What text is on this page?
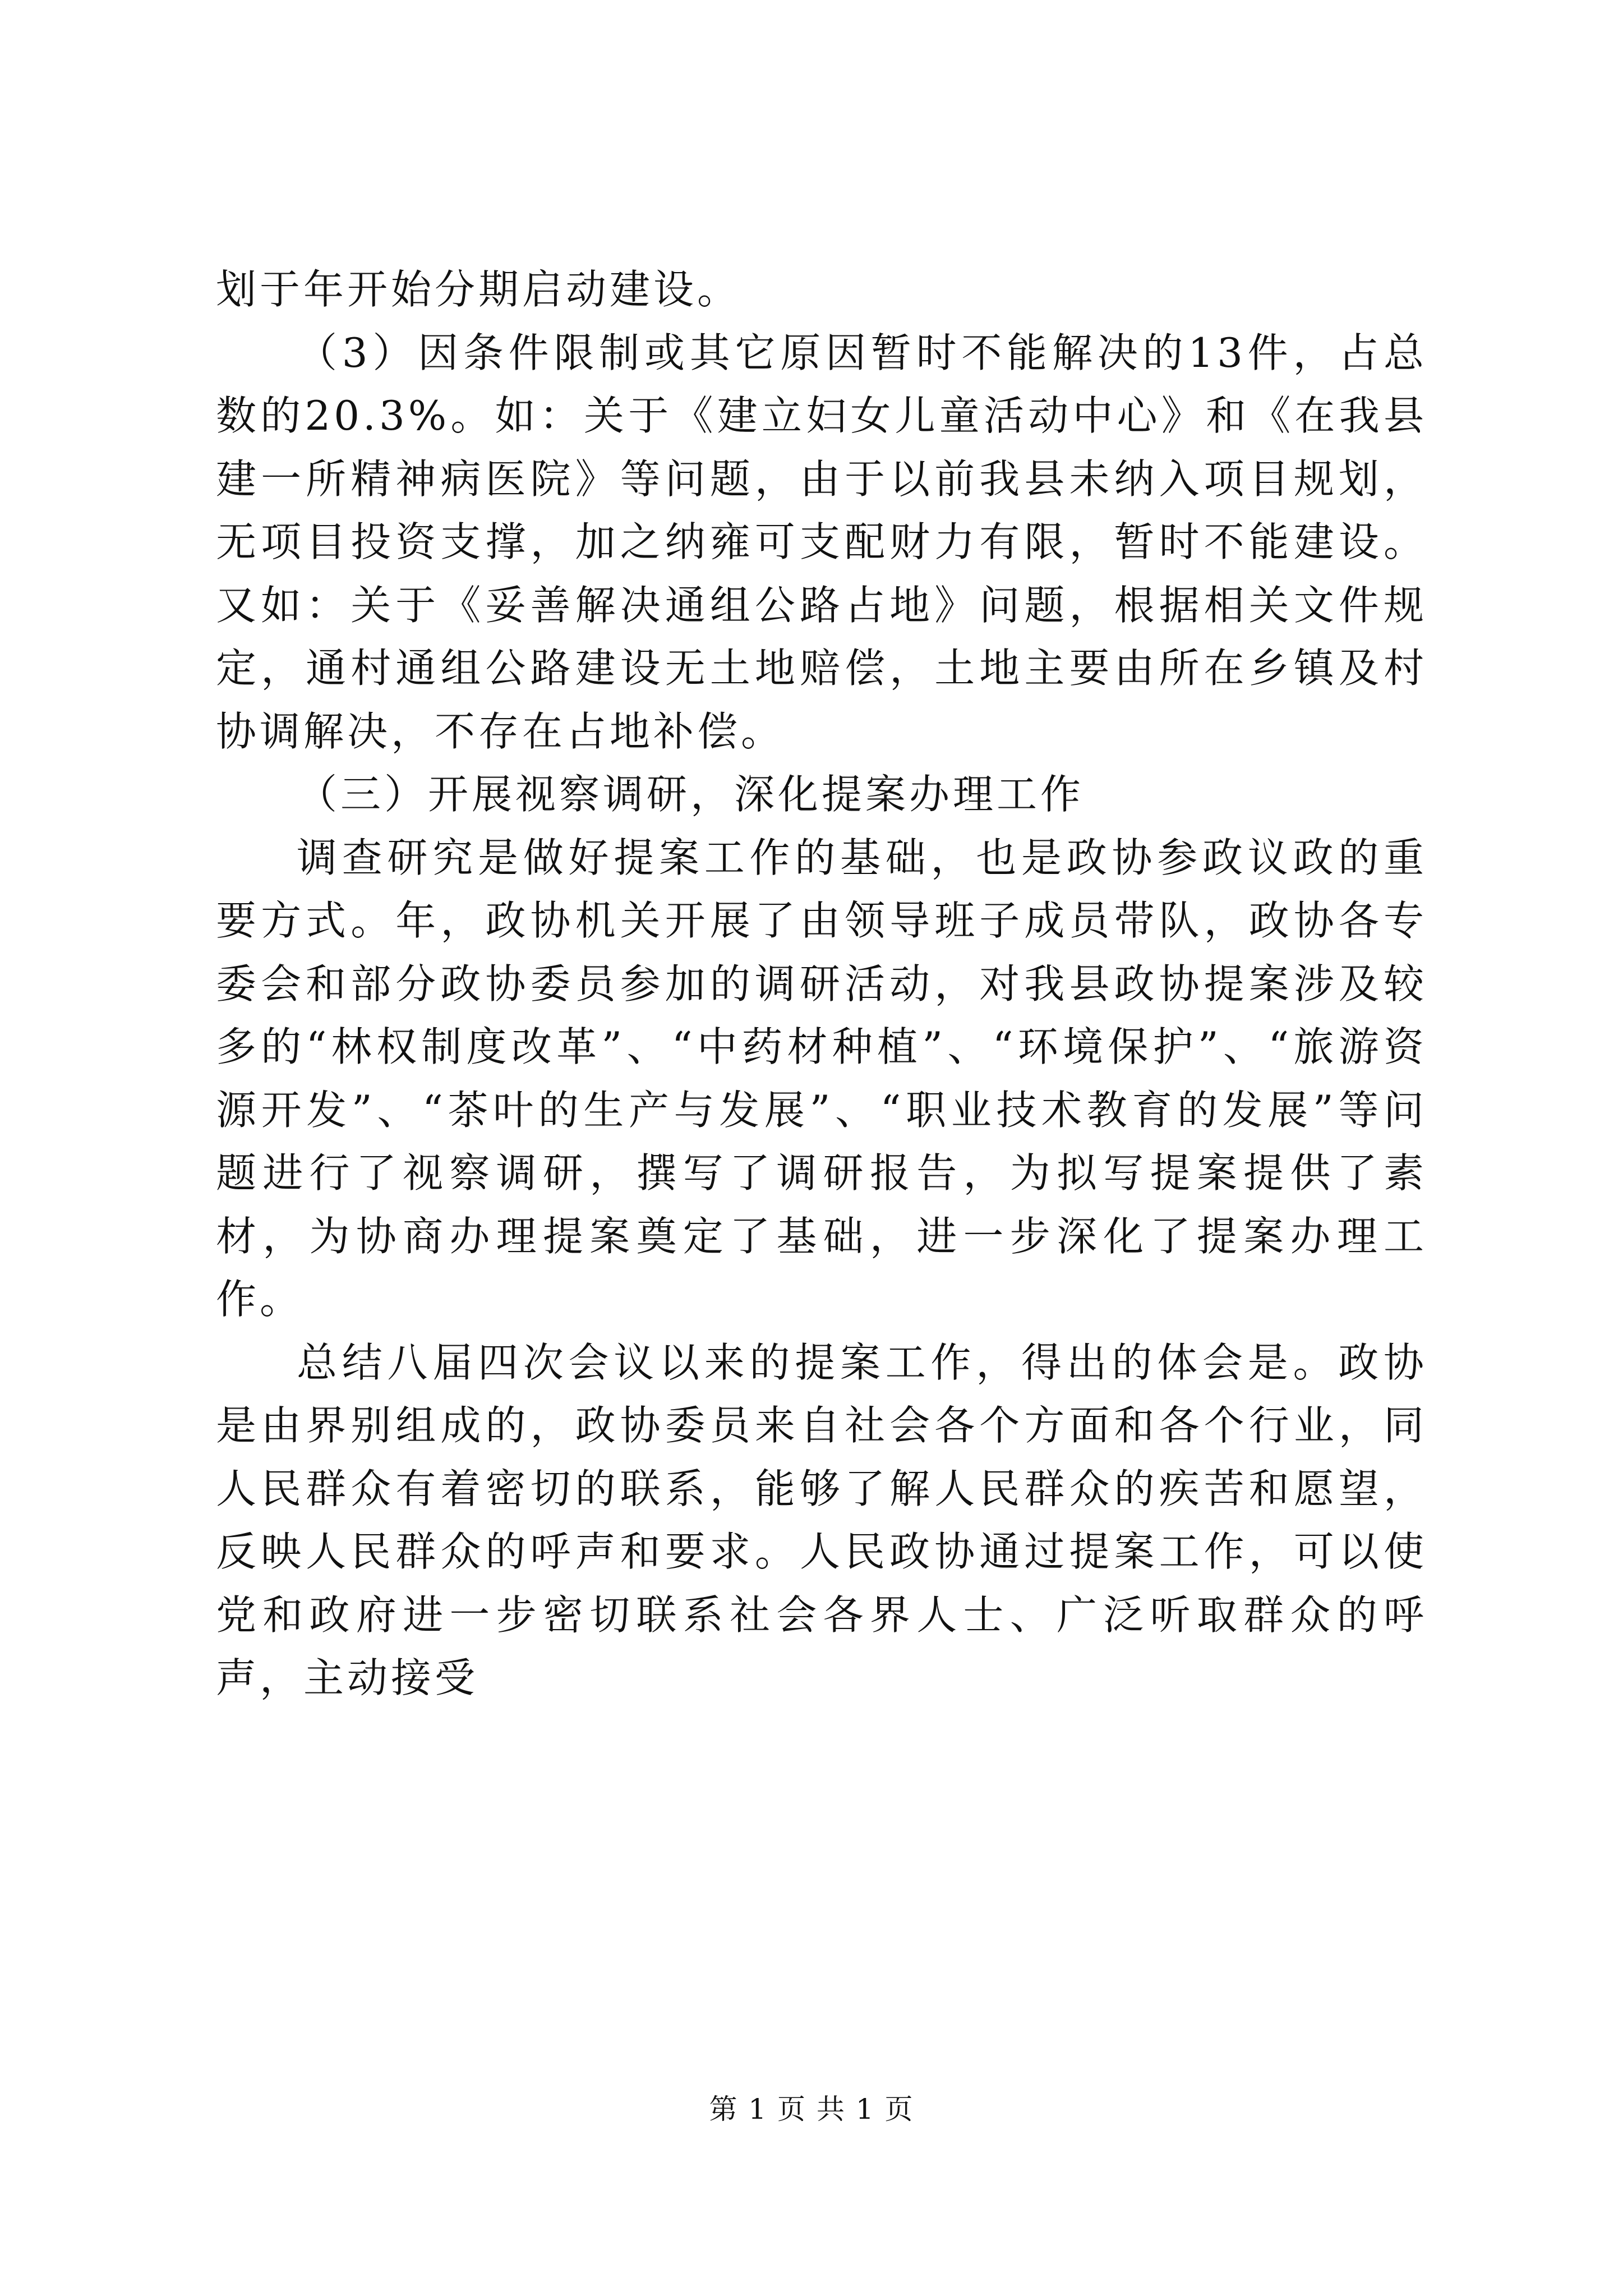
划于年开始分期启动建设。

（3）因条件限制或其它原因暂时不能解决的13件，占总数的20.3%。如：关于《建立妇女儿童活动中心》和《在我县建一所精神病医院》等问题，由于以前我县未纳入项目规划，无项目投资支撑，加之纳雍可支配财力有限，暂时不能建设。又如：关于《妥善解决通组公路占地》问题，根据相关文件规定，通村通组公路建设无土地赔偿，土地主要由所在乡镇及村协调解决，不存在占地补偿。

（三）开展视察调研，深化提案办理工作

调查研究是做好提案工作的基础，也是政协参政议政的重要方式。年，政协机关开展了由领导班子成员带队，政协各专委会和部分政协委员参加的调研活动，对我县政协提案涉及较多的“林权制度改革”、“中药材种植”、“环境保护”、“旅游资源开发”、“茶叶的生产与发展”、“职业技术教育的发展”等问题进行了视察调研，撰写了调研报告，为拟写提案提供了素材，为协商办理提案奠定了基础，进一步深化了提案办理工作。

总结八届四次会议以来的提案工作，得出的体会是。政协是由界别组成的，政协委员来自社会各个方面和各个行业，同人民群众有着密切的联系，能够了解人民群众的疾苦和愿望，反映人民群众的呼声和要求。人民政协通过提案工作，可以使党和政府进一步密切联系社会各界人士、广泛听取群众的呼声，主动接受

第 1 页 共 1 页
